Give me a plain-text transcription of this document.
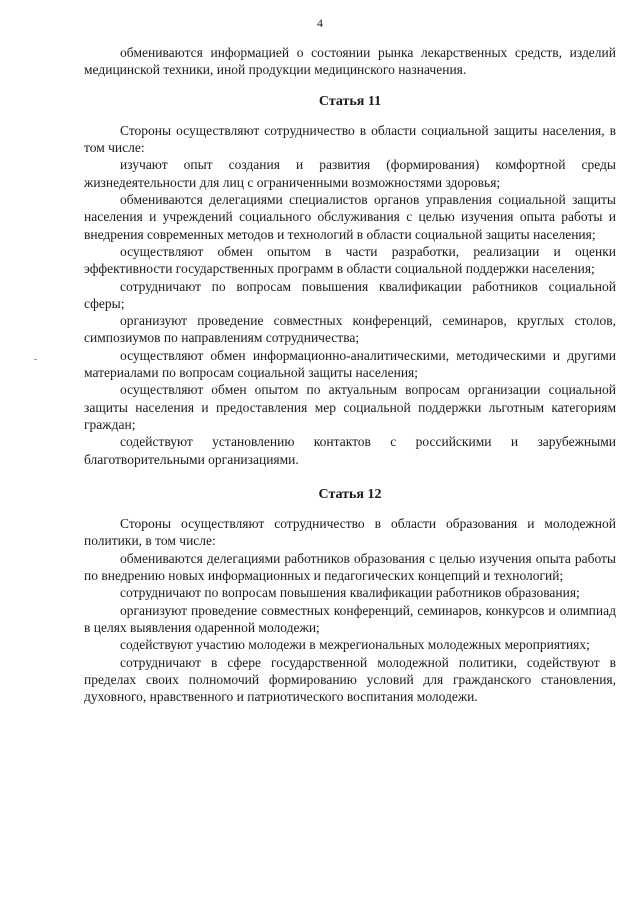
4

обмениваются информацией о состоянии рынка лекарственных средств, изделий медицинской техники, иной продукции медицинского назначения.

Статья 11

Стороны осуществляют сотрудничество в области социальной защиты населения, в том числе:

изучают опыт создания и развития (формирования) комфортной среды жизнедеятельности для лиц с ограниченными возможностями здоровья;

обмениваются делегациями специалистов органов управления социальной защиты населения и учреждений социального обслуживания с целью изучения опыта работы и внедрения современных методов и технологий в области социальной защиты населения;

осуществляют обмен опытом в части разработки, реализации и оценки эффективности государственных программ в области социальной поддержки населения;

сотрудничают по вопросам повышения квалификации работников социальной сферы;

организуют проведение совместных конференций, семинаров, круглых столов, симпозиумов по направлениям сотрудничества;

осуществляют обмен информационно-аналитическими, методическими и другими материалами по вопросам социальной защиты населения;

осуществляют обмен опытом по актуальным вопросам организации социальной защиты населения и предоставления мер социальной поддержки льготным категориям граждан;

содействуют установлению контактов с российскими и зарубежными благотворительными организациями.

Статья 12

Стороны осуществляют сотрудничество в области образования и молодежной политики, в том числе:

обмениваются делегациями работников образования с целью изучения опыта работы по внедрению новых информационных и педагогических концепций и технологий;

сотрудничают по вопросам повышения квалификации работников образования;

организуют проведение совместных конференций, семинаров, конкурсов и олимпиад в целях выявления одаренной молодежи;

содействуют участию молодежи в межрегиональных молодежных мероприятиях;

сотрудничают в сфере государственной молодежной политики, содействуют в пределах своих полномочий формированию условий для гражданского становления, духовного, нравственного и патриотического воспитания молодежи.
